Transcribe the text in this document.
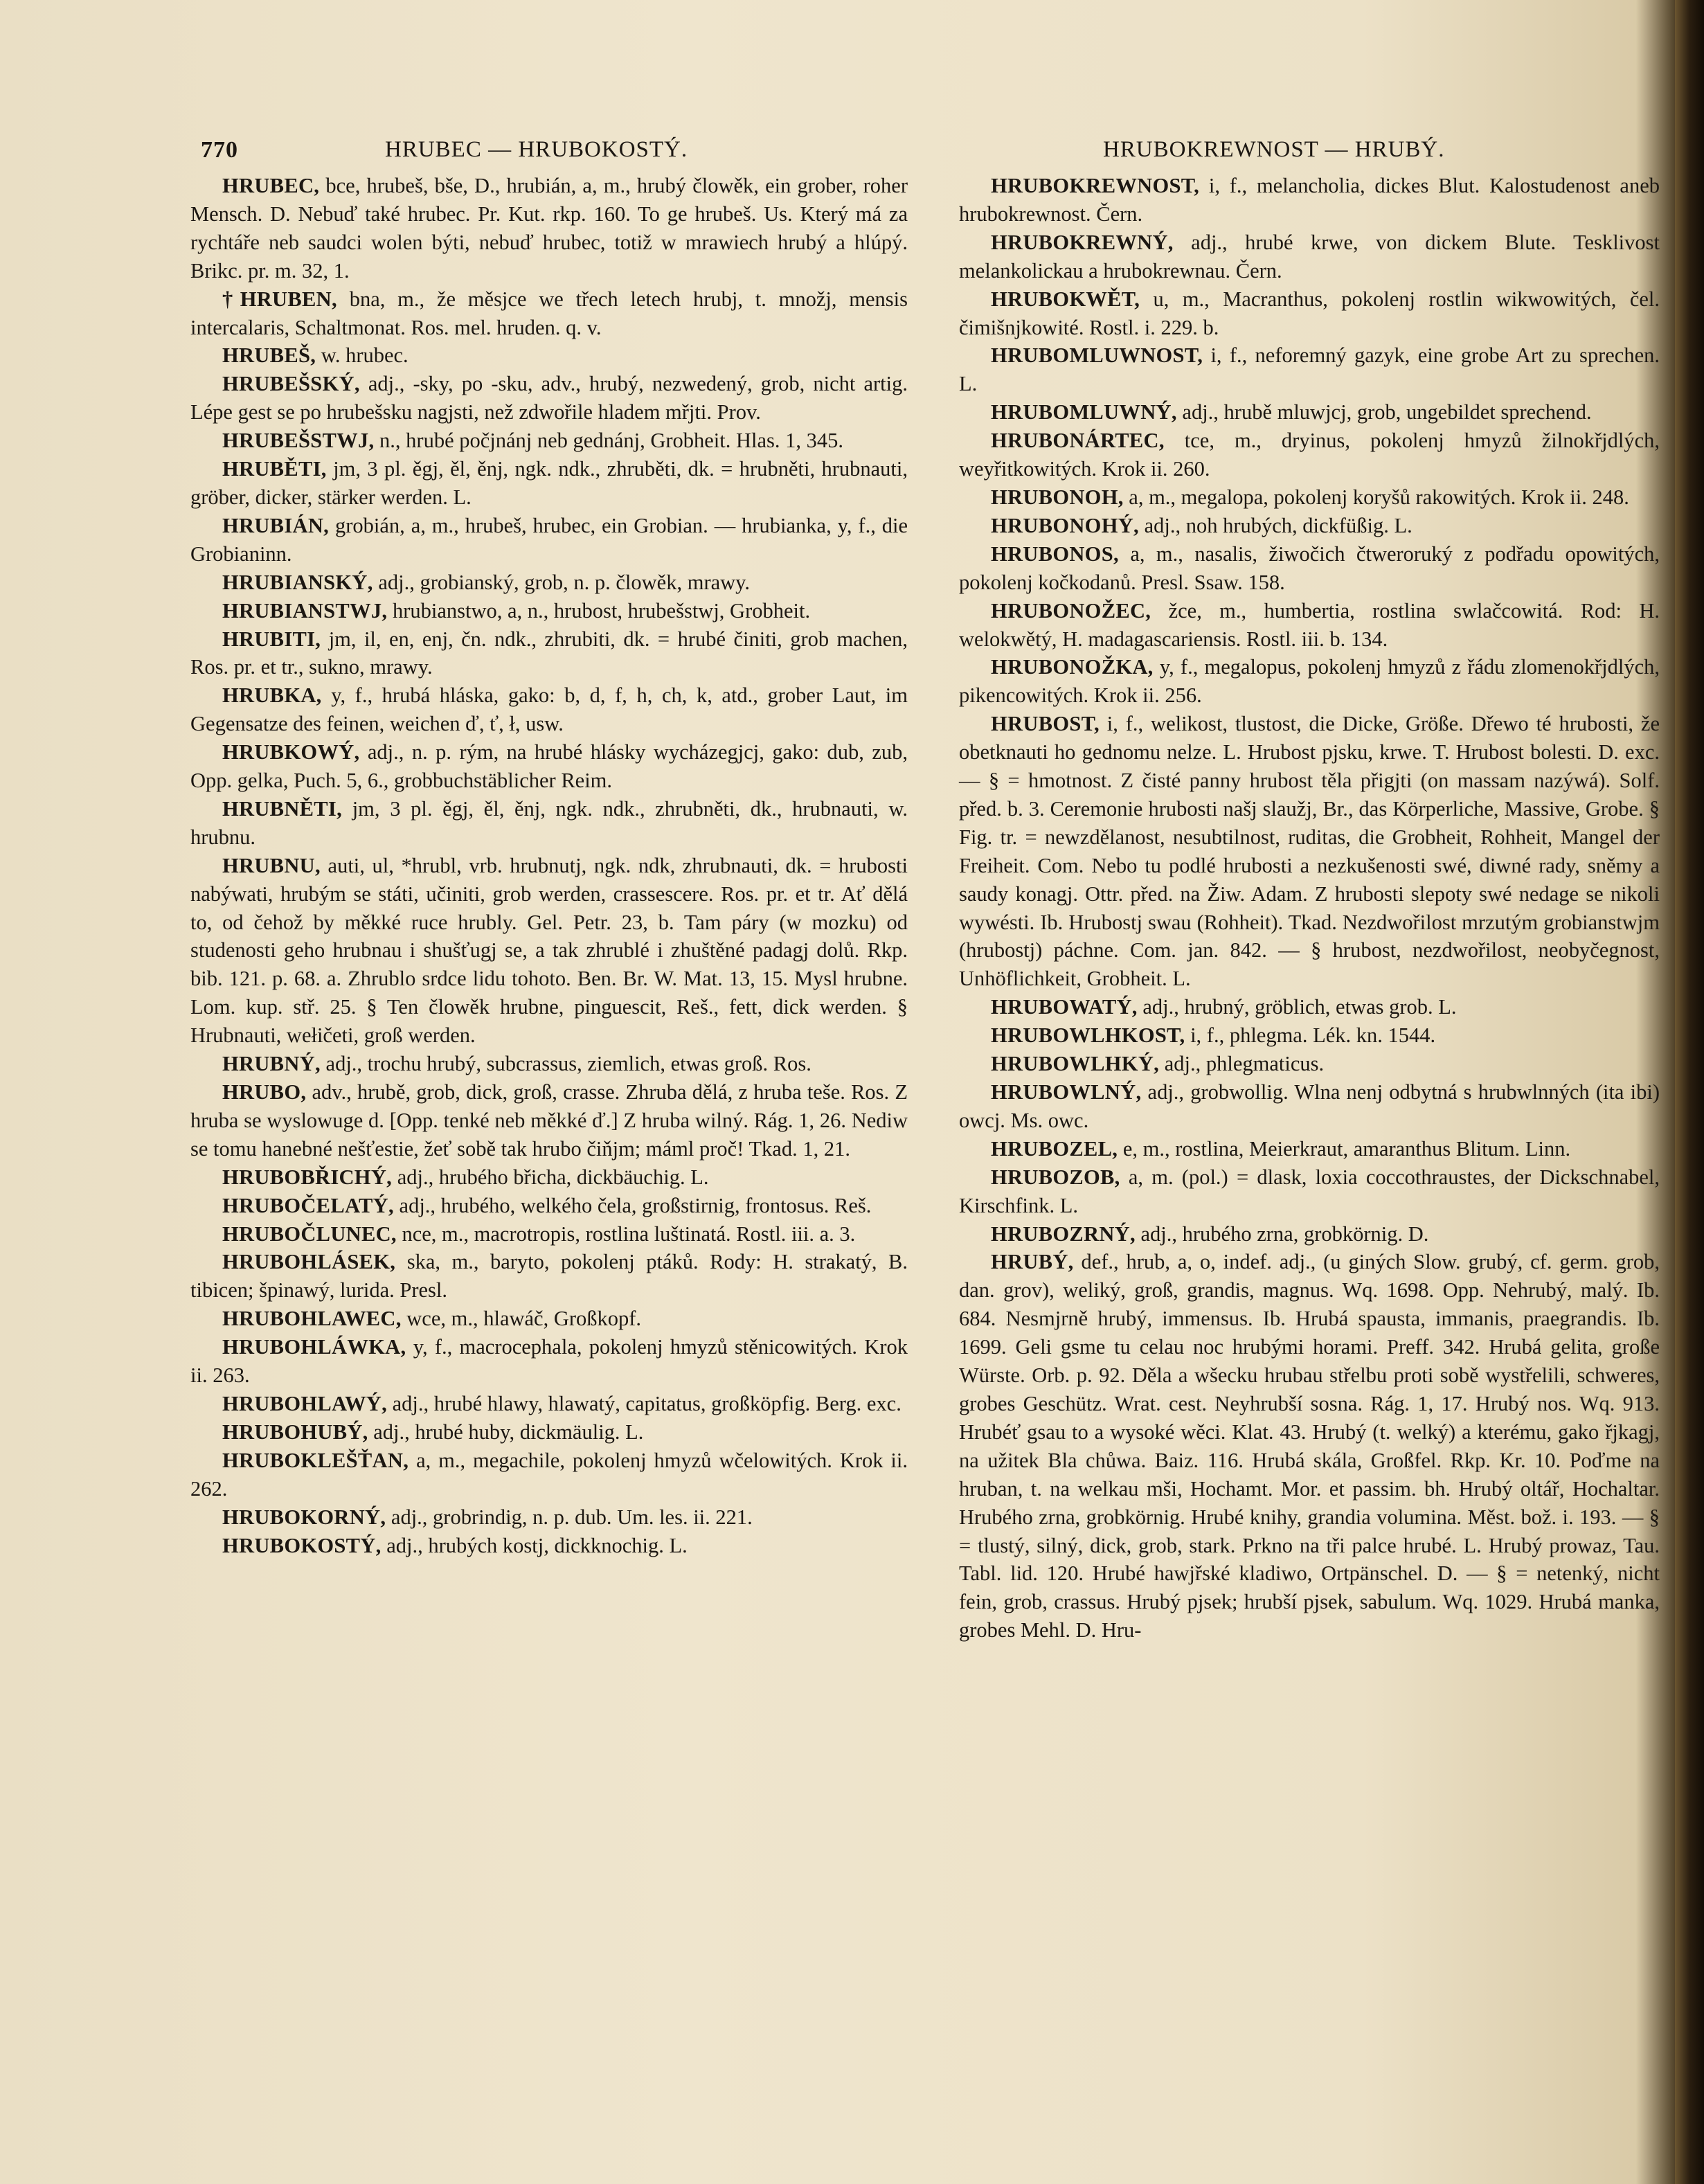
770	HRUBEC — HRUBOKOSTÝ.	HRUBOKREWNOST — HRUBÝ.

HRUBEC, bce, hrubeš, bše, D., hrubián, a, m., hrubý člowěk, ein grober, roher Mensch. D. Nebuď také hrubec. Pr. Kut. rkp. 160. To ge hrubeš. Us. Který má za rychtáře neb saudci wolen býti, nebuď hrubec, totiž w mrawiech hrubý a hlúpý. Brikc. pr. m. 32, 1.

†HRUBEN, bna, m., že měsjce we třech letech hrubj, t. množj, mensis intercalaris, Schaltmonat. Ros. mel. hruden. q. v.

HRUBEŠ, w. hrubec.

HRUBEŠSKÝ, adj., -sky, po -sku, adv., hrubý, nezwedený, grob, nicht artig. Lépe gest se po hrubešsku nagjsti, než zdwořile hladem mřjti. Prov.

HRUBEŠSTWJ, n., hrubé počjnánj neb gednánj, Grobheit. Hlas. 1, 345.

HRUBĚTI, jm, 3 pl. ěgj, ěl, ěnj, ngk. ndk., zhruběti, dk. = hrubněti, hrubnauti, gröber, dicker, stärker werden. L.

HRUBIÁN, grobián, a, m., hrubeš, hrubec, ein Grobian. — hrubianka, y, f., die Grobianinn.

HRUBIANSKÝ, adj., grobianský, grob, n. p. člowěk, mrawy.

HRUBIANSTWJ, hrubianstwo, a, n., hrubost, hrubešstwj, Grobheit.

HRUBITI, jm, il, en, enj, čn. ndk., zhrubiti, dk. = hrubé činiti, grob machen, Ros. pr. et tr., sukno, mrawy.

HRUBKA, y, f., hrubá hláska, gako: b, d, f, h, ch, k, atd., grober Laut, im Gegensatze des feinen, weichen ď, ť, ł, usw.

HRUBKOWÝ, adj., n. p. rým, na hrubé hlásky wycházegjcj, gako: dub, zub, Opp. gelka, Puch. 5, 6., grobbuchstäblicher Reim.

HRUBNĚTI, jm, 3 pl. ěgj, ěl, ěnj, ngk. ndk., zhrubněti, dk., hrubnauti, w. hrubnu.

HRUBNU, auti, ul, *hrubl, vrb. hrubnutj, ngk. ndk, zhrubnauti, dk. = hrubosti nabýwati, hrubým se státi, učiniti, grob werden, crassescere. Ros. pr. et tr. Ať dělá to, od čehož by měkké ruce hrubly. Gel. Petr. 23, b. Tam páry (w mozku) od studenosti geho hrubnau i shušťugj se, a tak zhrublé i zhuštěné padagj dolů. Rkp. bib. 121. p. 68. a. Zhrublo srdce lidu tohoto. Ben. Br. W. Mat. 13, 15. Mysl hrubne. Lom. kup. stř. 25. § Ten člowěk hrubne, pinguescit, Reš., fett, dick werden. § Hrubnauti, wełičeti, groß werden.

HRUBNÝ, adj., trochu hrubý, subcrassus, ziemlich, etwas groß. Ros.

HRUBO, adv., hrubě, grob, dick, groß, crasse. Zhruba dělá, z hruba teše. Ros. Z hruba se wyslowuge d. [Opp. tenké neb měkké ď.] Z hruba wilný. Rág. 1, 26. Nediw se tomu hanebné nešťestie, žeť sobě tak hrubo čiňjm; máml proč! Tkad. 1, 21.

HRUBOBŘICHÝ, adj., hrubého břicha, dickbäuchig. L.

HRUBOČELATÝ, adj., hrubého, welkého čela, großstirnig, frontosus. Reš.

HRUBOČLUNEC, nce, m., macrotropis, rostlina luštinatá. Rostl. iii. a. 3.

HRUBOHLÁSEK, ska, m., baryto, pokolenj ptáků. Rody: H. strakatý, B. tibicen; špinawý, lurida. Presl.

HRUBOHLAWEC, wce, m., hlawáč, Großkopf.

HRUBOHLÁWKA, y, f., macrocephala, pokolenj hmyzů stěnicowitých. Krok ii. 263.

HRUBOHLAWÝ, adj., hrubé hlawy, hlawatý, capitatus, großköpfig. Berg. exc.

HRUBOHUBÝ, adj., hrubé huby, dickmäulig. L.

HRUBOKLEŠŤAN, a, m., megachile, pokolenj hmyzů wčelowitých. Krok ii. 262.

HRUBOKORNÝ, adj., grobrindig, n. p. dub. Um. les. ii. 221.

HRUBOKOSTÝ, adj., hrubých kostj, dickknochig. L.

HRUBOKREWNOST, i, f., melancholia, dickes Blut. Kalostudenost aneb hrubokrewnost. Čern.

HRUBOKREWNÝ, adj., hrubé krwe, von dickem Blute. Tesklivost melankolickau a hrubokrewnau. Čern.

HRUBOKWĚT, u, m., Macranthus, pokolenj rostlin wikwowitých, čel. čimišnjkowité. Rostl. i. 229. b.

HRUBOMLUWNOST, i, f., neforemný gazyk, eine grobe Art zu sprechen. L.

HRUBOMLUWNÝ, adj., hrubě mluwjcj, grob, ungebildet sprechend.

HRUBONÁRTEC, tce, m., dryinus, pokolenj hmyzů žilnokřjdlých, weyřitkowitých. Krok ii. 260.

HRUBONOH, a, m., megalopa, pokolenj koryšů rakowitých. Krok ii. 248.

HRUBONOHÝ, adj., noh hrubých, dickfüßig. L.

HRUBONOS, a, m., nasalis, žiwočich čtweroruký z podřadu opowitých, pokolenj kočkodanů. Presl. Ssaw. 158.

HRUBONOŽEC, žce, m., humbertia, rostlina swlačcowitá. Rod: H. welokwětý, H. madagascariensis. Rostl. iii. b. 134.

HRUBONOŽKA, y, f., megalopus, pokolenj hmyzů z řádu zlomenokřjdlých, pikencowitých. Krok ii. 256.

HRUBOST, i, f., welikost, tlustost, die Dicke, Größe. Dřewo té hrubosti, že obetknauti ho gednomu nelze. L. Hrubost pjsku, krwe. T. Hrubost bolesti. D. exc. — § = hmotnost. Z čisté panny hrubost těla přigjti (on massam nazýwá). Solf. před. b. 3. Ceremonie hrubosti našj slaužj, Br., das Körperliche, Massive, Grobe. § Fig. tr. = newzdělanost, nesubtilnost, ruditas, die Grobheit, Rohheit, Mangel der Freiheit. Com. Nebo tu podlé hrubosti a nezkušenosti swé, diwné rady, sněmy a saudy konagj. Ottr. před. na Žiw. Adam. Z hrubosti slepoty swé nedage se nikoli wywésti. Ib. Hrubostj swau (Rohheit). Tkad. Nezdwořilost mrzutým grobianstwjm (hrubostj) páchne. Com. jan. 842. — § hrubost, nezdwořilost, neobyčegnost, Unhöflichkeit, Grobheit. L.

HRUBOWATÝ, adj., hrubný, gröblich, etwas grob. L.

HRUBOWLHKOST, i, f., phlegma. Lék. kn. 1544.

HRUBOWLHKÝ, adj., phlegmaticus.

HRUBOWLNÝ, adj., grobwollig. Wlna nenj odbytná s hrubwlnných (ita ibi) owcj. Ms. owc.

HRUBOZEL, e, m., rostlina, Meierkraut, amaranthus Blitum. Linn.

HRUBOZOB, a, m. (pol.) = dlask, loxia coccothraustes, der Dickschnabel, Kirschfink. L.

HRUBOZRNÝ, adj., hrubého zrna, grobkörnig. D.

HRUBÝ, def., hrub, a, o, indef. adj., (u giných Slow. grubý, cf. germ. grob, dan. grov), weliký, groß, grandis, magnus. Wq. 1698. Opp. Nehrubý, malý. Ib. 684. Nesmjrně hrubý, immensus. Ib. Hrubá spausta, immanis, praegrandis. Ib. 1699. Geli gsme tu celau noc hrubými horami. Preff. 342. Hrubá gelita, große Würste. Orb. p. 92. Děla a wšecku hrubau střelbu proti sobě wystřelili, schweres, grobes Geschütz. Wrat. cest. Neyhrubší sosna. Rág. 1, 17. Hrubý nos. Wq. 913. Hrubéť gsau to a wysoké wěci. Klat. 43. Hrubý (t. welký) a kterému, gako řjkagj, na užitek Bla chůwa. Baiz. 116. Hrubá skála, Großfel. Rkp. Kr. 10. Poďme na hruban, t. na welkau mši, Hochamt. Mor. et passim. bh. Hrubý oltář, Hochaltar. Hrubého zrna, grobkörnig. Hrubé knihy, grandia volumina. Měst. bož. i. 193. — § = tlustý, silný, dick, grob, stark. Prkno na tři palce hrubé. L. Hrubý prowaz, Tau. Tabl. lid. 120. Hrubé hawjřské kladiwo, Ortpänschel. D. — § = netenký, nicht fein, grob, crassus. Hrubý pjsek; hrubší pjsek, sabulum. Wq. 1029. Hrubá manka, grobes Mehl. D. Hru-
